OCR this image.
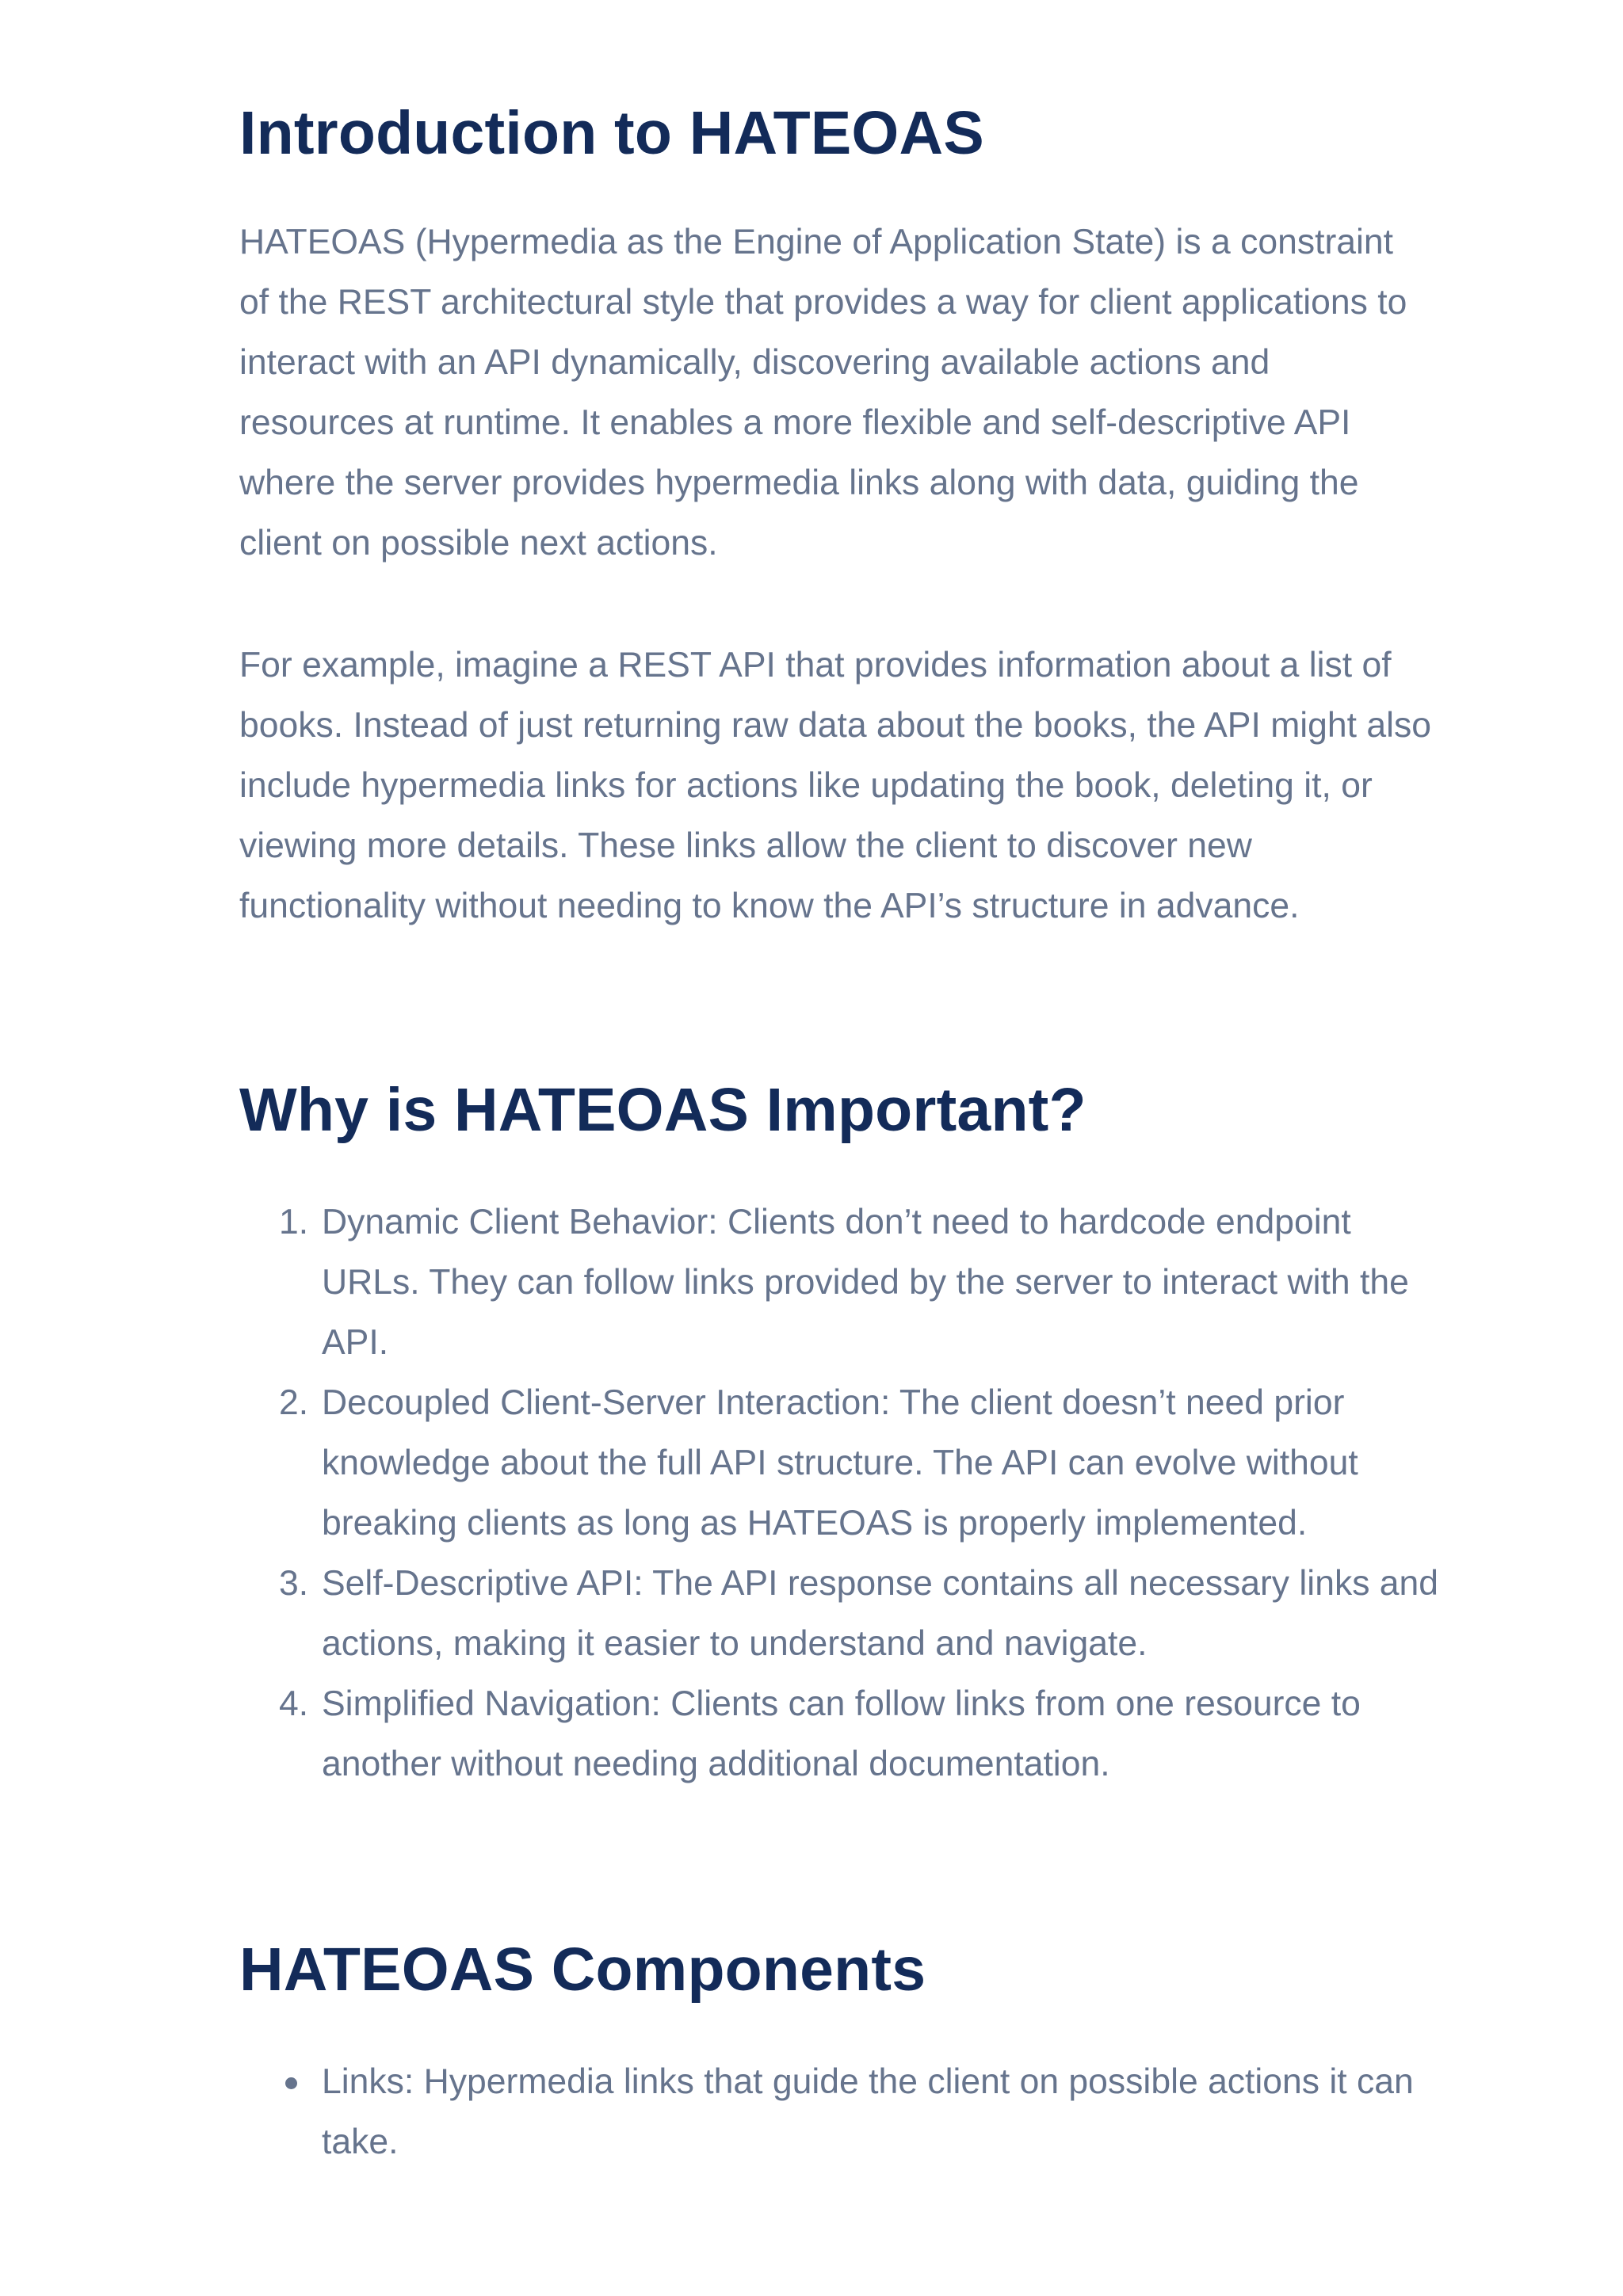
Introduction to HATEOAS

HATEOAS (Hypermedia as the Engine of Application State) is a constraint of the REST architectural style that provides a way for client applications to interact with an API dynamically, discovering available actions and resources at runtime. It enables a more flexible and self-descriptive API where the server provides hypermedia links along with data, guiding the client on possible next actions.

For example, imagine a REST API that provides information about a list of books. Instead of just returning raw data about the books, the API might also include hypermedia links for actions like updating the book, deleting it, or viewing more details. These links allow the client to discover new functionality without needing to know the API’s structure in advance.

Why is HATEOAS Important?
1. Dynamic Client Behavior: Clients don’t need to hardcode endpoint URLs. They can follow links provided by the server to interact with the API.
2. Decoupled Client-Server Interaction: The client doesn’t need prior knowledge about the full API structure. The API can evolve without breaking clients as long as HATEOAS is properly implemented.
3. Self-Descriptive API: The API response contains all necessary links and actions, making it easier to understand and navigate.
4. Simplified Navigation: Clients can follow links from one resource to another without needing additional documentation.
HATEOAS Components
Links: Hypermedia links that guide the client on possible actions it can take.
